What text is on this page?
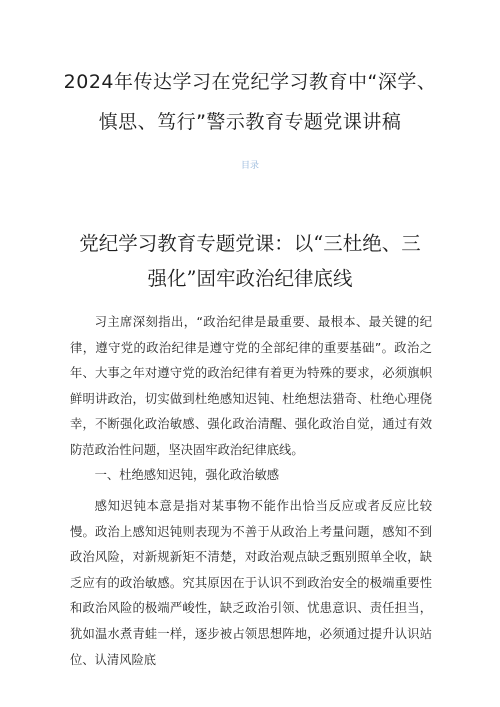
2024年传达学习在党纪学习教育中“深学、慎思、笃行”警示教育专题党课讲稿
目录
党纪学习教育专题党课：以“三杜绝、三强化”固牢政治纪律底线

习主席深刻指出，“政治纪律是最重要、最根本、最关键的纪律，遵守党的政治纪律是遵守党的全部纪律的重要基础”。政治之年、大事之年对遵守党的政治纪律有着更为特殊的要求，必须旗帜鲜明讲政治，切实做到杜绝感知迟钝、杜绝想法猎奇、杜绝心理侥幸，不断强化政治敏感、强化政治清醒、强化政治自觉，通过有效防范政治性问题，坚决固牢政治纪律底线。

一、杜绝感知迟钝，强化政治敏感

感知迟钝本意是指对某事物不能作出恰当反应或者反应比较慢。政治上感知迟钝则表现为不善于从政治上考量问题，感知不到政治风险，对新规新矩不清楚，对政治观点缺乏甄别照单全收，缺乏应有的政治敏感。究其原因在于认识不到政治安全的极端重要性和政治风险的极端严峻性，缺乏政治引领、忧患意识、责任担当，犹如温水煮青蛙一样，逐步被占领思想阵地，必须通过提升认识站位、认清风险底
